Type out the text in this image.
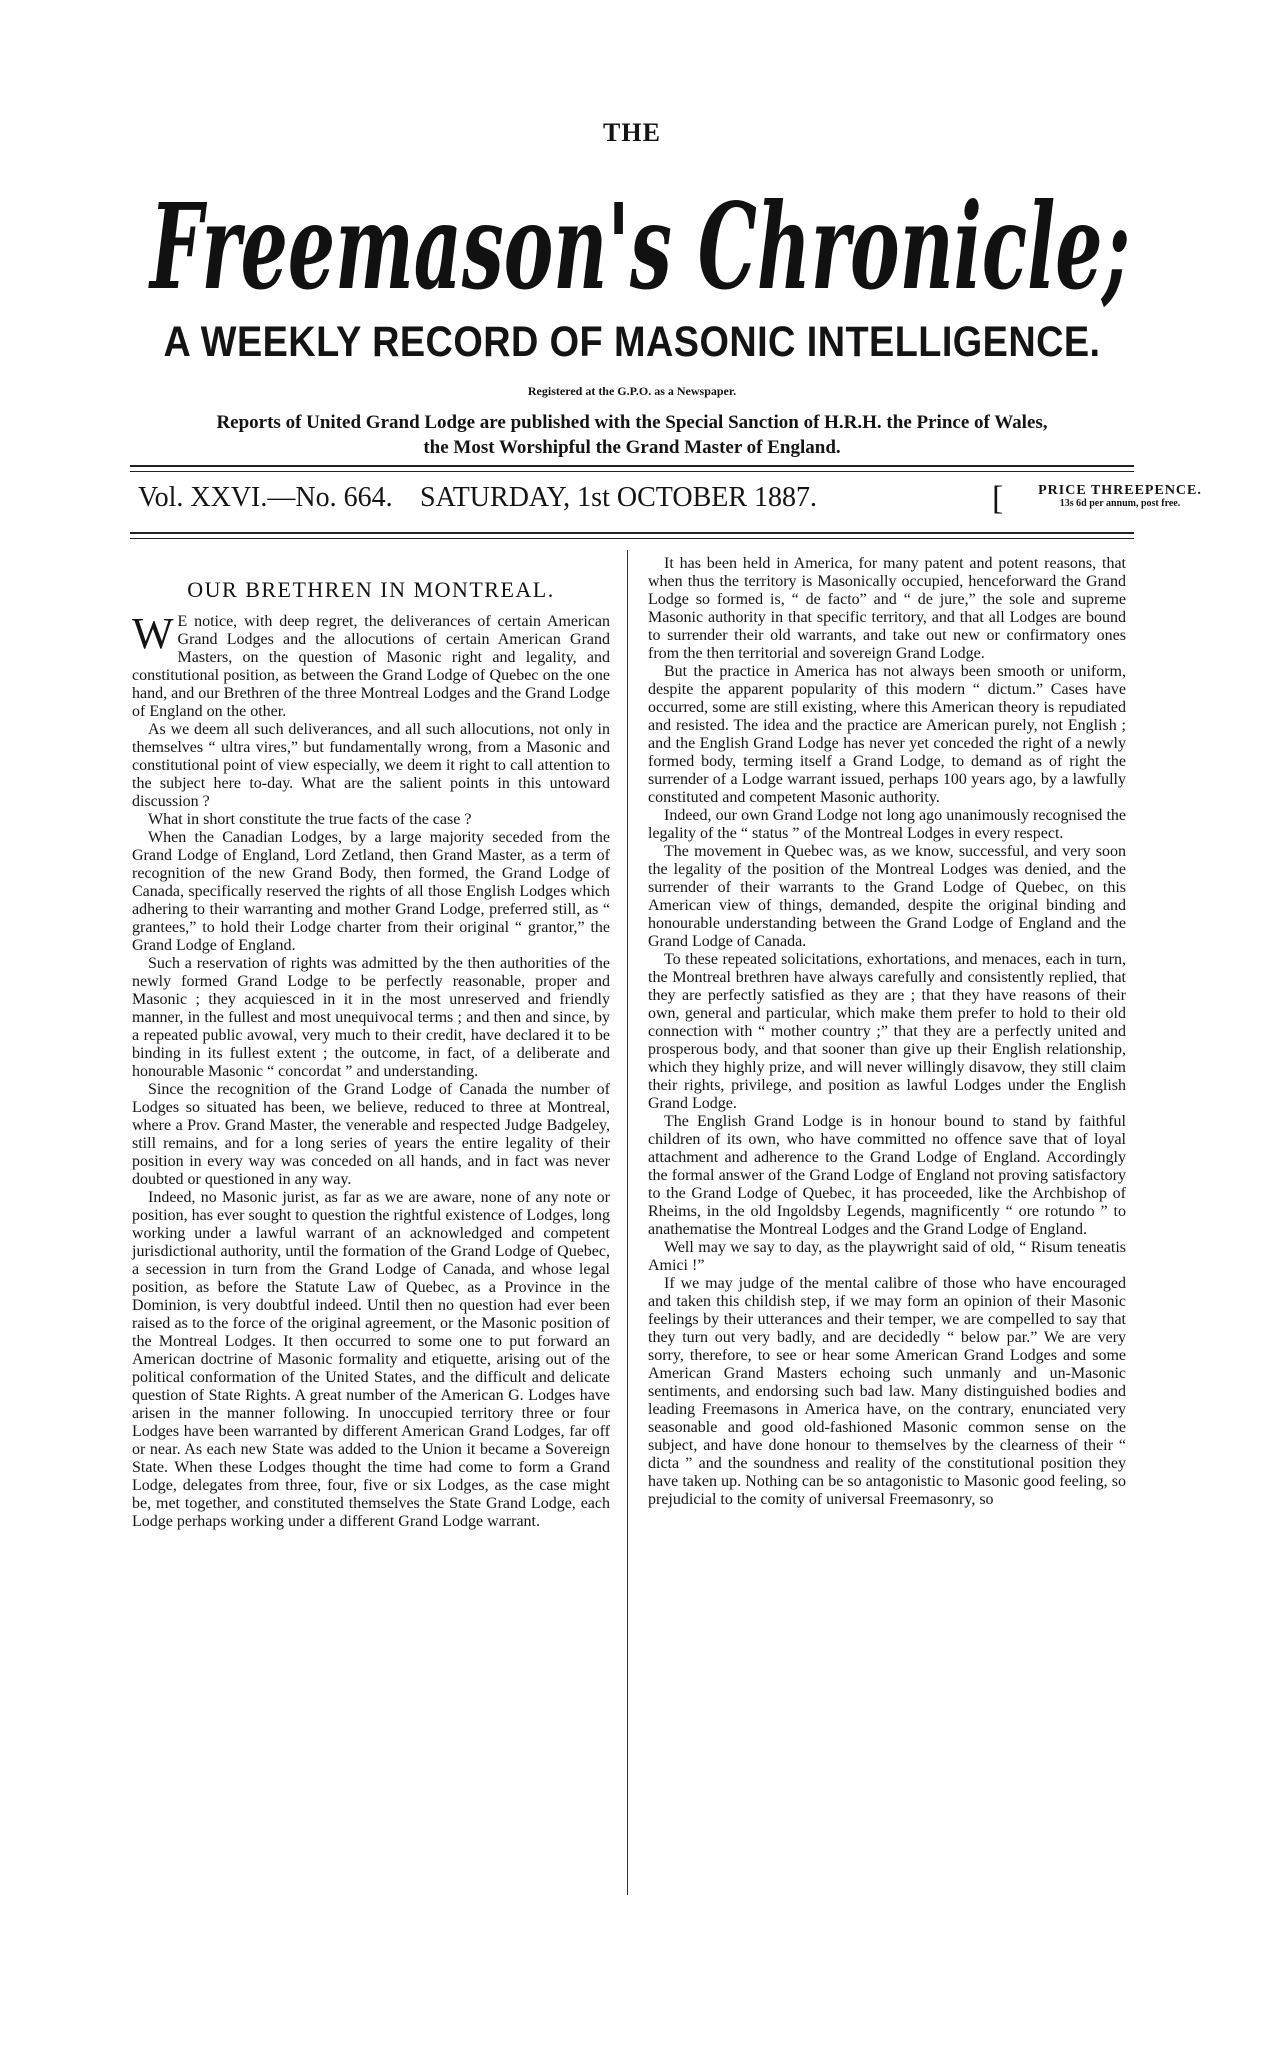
THE
Freemason's Chronicle;
A WEEKLY RECORD OF MASONIC INTELLIGENCE.
Registered at the G.P.O. as a Newspaper.
Reports of United Grand Lodge are published with the Special Sanction of H.R.H. the Prince of Wales,
the Most Worshipful the Grand Master of England.
Vol. XXVI.—No. 664. SATURDAY, 1st OCTOBER 1887.	[	PRICE THREEPENCE.
13s 6d per annum, post free.
OUR BRETHREN IN MONTREAL.

W E notice, with deep regret, the deliverances of certain American Grand Lodges and the allocutions of certain American Grand Masters, on the question of Masonic right and legality, and constitutional position, as between the Grand Lodge of Quebec on the one hand, and our Brethren of the three Montreal Lodges and the Grand Lodge of England on the other.

As we deem all such deliverances, and all such allocutions, not only in themselves “ ultra vires,” but fundamentally wrong, from a Masonic and constitutional point of view especially, we deem it right to call attention to the subject here to-day. What are the salient points in this untoward discussion ?

What in short constitute the true facts of the case ?

When the Canadian Lodges, by a large majority seceded from the Grand Lodge of England, Lord Zetland, then Grand Master, as a term of recognition of the new Grand Body, then formed, the Grand Lodge of Canada, specifically reserved the rights of all those English Lodges which adhering to their warranting and mother Grand Lodge, preferred still, as “ grantees,” to hold their Lodge charter from their original “ grantor,” the Grand Lodge of England.

Such a reservation of rights was admitted by the then authorities of the newly formed Grand Lodge to be perfectly reasonable, proper and Masonic ; they acquiesced in it in the most unreserved and friendly manner, in the fullest and most unequivocal terms ; and then and since, by a repeated public avowal, very much to their credit, have declared it to be binding in its fullest extent ; the outcome, in fact, of a deliberate and honourable Masonic “ concordat ” and understanding.

Since the recognition of the Grand Lodge of Canada the number of Lodges so situated has been, we believe, reduced to three at Montreal, where a Prov. Grand Master, the venerable and respected Judge Badgeley, still remains, and for a long series of years the entire legality of their position in every way was conceded on all hands, and in fact was never doubted or questioned in any way.

Indeed, no Masonic jurist, as far as we are aware, none of any note or position, has ever sought to question the rightful existence of Lodges, long working under a lawful warrant of an acknowledged and competent jurisdictional authority, until the formation of the Grand Lodge of Quebec, a secession in turn from the Grand Lodge of Canada, and whose legal position, as before the Statute Law of Quebec, as a Province in the Dominion, is very doubtful indeed. Until then no question had ever been raised as to the force of the original agreement, or the Masonic position of the Montreal Lodges. It then occurred to some one to put forward an American doctrine of Masonic formality and etiquette, arising out of the political conformation of the United States, and the difficult and delicate question of State Rights. A great number of the American G. Lodges have arisen in the manner following. In unoccupied territory three or four Lodges have been warranted by different American Grand Lodges, far off or near. As each new State was added to the Union it became a Sovereign State. When these Lodges thought the time had come to form a Grand Lodge, delegates from three, four, five or six Lodges, as the case might be, met together, and constituted themselves the State Grand Lodge, each Lodge perhaps working under a different Grand Lodge warrant.

It has been held in America, for many patent and potent reasons, that when thus the territory is Masonically occupied, henceforward the Grand Lodge so formed is, “ de facto” and “ de jure,” the sole and supreme Masonic authority in that specific territory, and that all Lodges are bound to surrender their old warrants, and take out new or confirmatory ones from the then territorial and sovereign Grand Lodge.

But the practice in America has not always been smooth or uniform, despite the apparent popularity of this modern “ dictum.” Cases have occurred, some are still existing, where this American theory is repudiated and resisted. The idea and the practice are American purely, not English ; and the English Grand Lodge has never yet conceded the right of a newly formed body, terming itself a Grand Lodge, to demand as of right the surrender of a Lodge warrant issued, perhaps 100 years ago, by a lawfully constituted and competent Masonic authority.

Indeed, our own Grand Lodge not long ago unanimously recognised the legality of the “ status ” of the Montreal Lodges in every respect.

The movement in Quebec was, as we know, successful, and very soon the legality of the position of the Montreal Lodges was denied, and the surrender of their warrants to the Grand Lodge of Quebec, on this American view of things, demanded, despite the original binding and honourable understanding between the Grand Lodge of England and the Grand Lodge of Canada.

To these repeated solicitations, exhortations, and menaces, each in turn, the Montreal brethren have always carefully and consistently replied, that they are perfectly satisfied as they are ; that they have reasons of their own, general and particular, which make them prefer to hold to their old connection with “ mother country ;” that they are a perfectly united and prosperous body, and that sooner than give up their English relationship, which they highly prize, and will never willingly disavow, they still claim their rights, privilege, and position as lawful Lodges under the English Grand Lodge.

The English Grand Lodge is in honour bound to stand by faithful children of its own, who have committed no offence save that of loyal attachment and adherence to the Grand Lodge of England. Accordingly the formal answer of the Grand Lodge of England not proving satisfactory to the Grand Lodge of Quebec, it has proceeded, like the Archbishop of Rheims, in the old Ingoldsby Legends, magnificently “ ore rotundo ” to anathematise the Montreal Lodges and the Grand Lodge of England.

Well may we say to day, as the playwright said of old, “ Risum teneatis Amici !”

If we may judge of the mental calibre of those who have encouraged and taken this childish step, if we may form an opinion of their Masonic feelings by their utterances and their temper, we are compelled to say that they turn out very badly, and are decidedly “ below par.” We are very sorry, therefore, to see or hear some American Grand Lodges and some American Grand Masters echoing such unmanly and un-Masonic sentiments, and endorsing such bad law. Many distinguished bodies and leading Freemasons in America have, on the contrary, enunciated very seasonable and good old-fashioned Masonic common sense on the subject, and have done honour to themselves by the clearness of their “ dicta ” and the soundness and reality of the constitutional position they have taken up. Nothing can be so antagonistic to Masonic good feeling, so prejudicial to the comity of universal Freemasonry, so
